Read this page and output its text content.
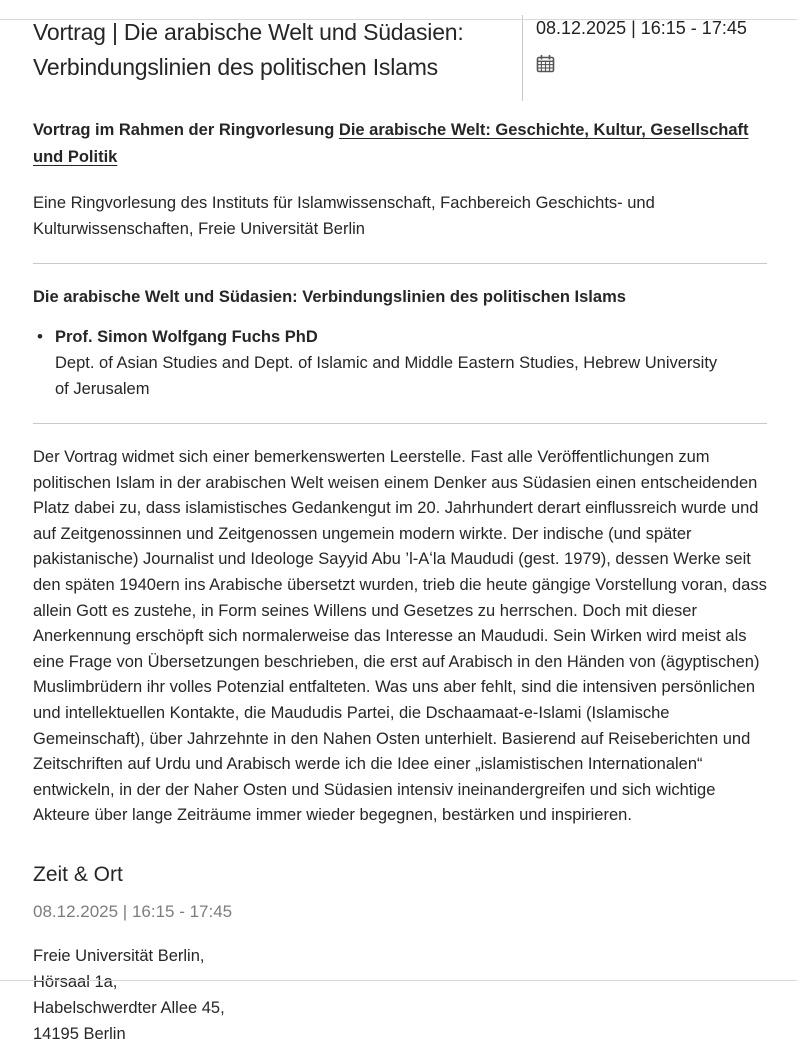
Vortrag | Die arabische Welt und Südasien: Verbindungslinien des politischen Islams
08.12.2025 | 16:15 - 17:45

Vortrag im Rahmen der Ringvorlesung Die arabische Welt: Geschichte, Kultur, Gesellschaft und Politik

Eine Ringvorlesung des Instituts für Islamwissenschaft, Fachbereich Geschichts- und Kulturwissenschaften, Freie Universität Berlin

Die arabische Welt und Südasien: Verbindungslinien des politischen Islams
• Prof. Simon Wolfgang Fuchs PhD
Dept. of Asian Studies and Dept. of Islamic and Middle Eastern Studies, Hebrew University of Jerusalem

Der Vortrag widmet sich einer bemerkenswerten Leerstelle. Fast alle Veröffentlichungen zum politischen Islam in der arabischen Welt weisen einem Denker aus Südasien einen entscheidenden Platz dabei zu, dass islamistisches Gedankengut im 20. Jahrhundert derart einflussreich wurde und auf Zeitgenossinnen und Zeitgenossen ungemein modern wirkte. Der indische (und später pakistanische) Journalist und Ideologe Sayyid Abu ’l-Aʻla Maududi (gest. 1979), dessen Werke seit den späten 1940ern ins Arabische übersetzt wurden, trieb die heute gängige Vorstellung voran, dass allein Gott es zustehe, in Form seines Willens und Gesetzes zu herrschen. Doch mit dieser Anerkennung erschöpft sich normalerweise das Interesse an Maududi. Sein Wirken wird meist als eine Frage von Übersetzungen beschrieben, die erst auf Arabisch in den Händen von (ägyptischen) Muslimbrüdern ihr volles Potenzial entfalteten. Was uns aber fehlt, sind die intensiven persönlichen und intellektuellen Kontakte, die Maududis Partei, die Dschaamaat-e-Islami (Islamische Gemeinschaft), über Jahrzehnte in den Nahen Osten unterhielt. Basierend auf Reiseberichten und Zeitschriften auf Urdu und Arabisch werde ich die Idee einer „islamistischen Internationalen“ entwickeln, in der der Naher Osten und Südasien intensiv ineinandergreifen und sich wichtige Akteure über lange Zeiträume immer wieder begegnen, bestärken und inspirieren.

Zeit & Ort

08.12.2025 | 16:15 - 17:45

Freie Universität Berlin,
Hörsaal 1a,
Habelschwerdter Allee 45,
14195 Berlin
